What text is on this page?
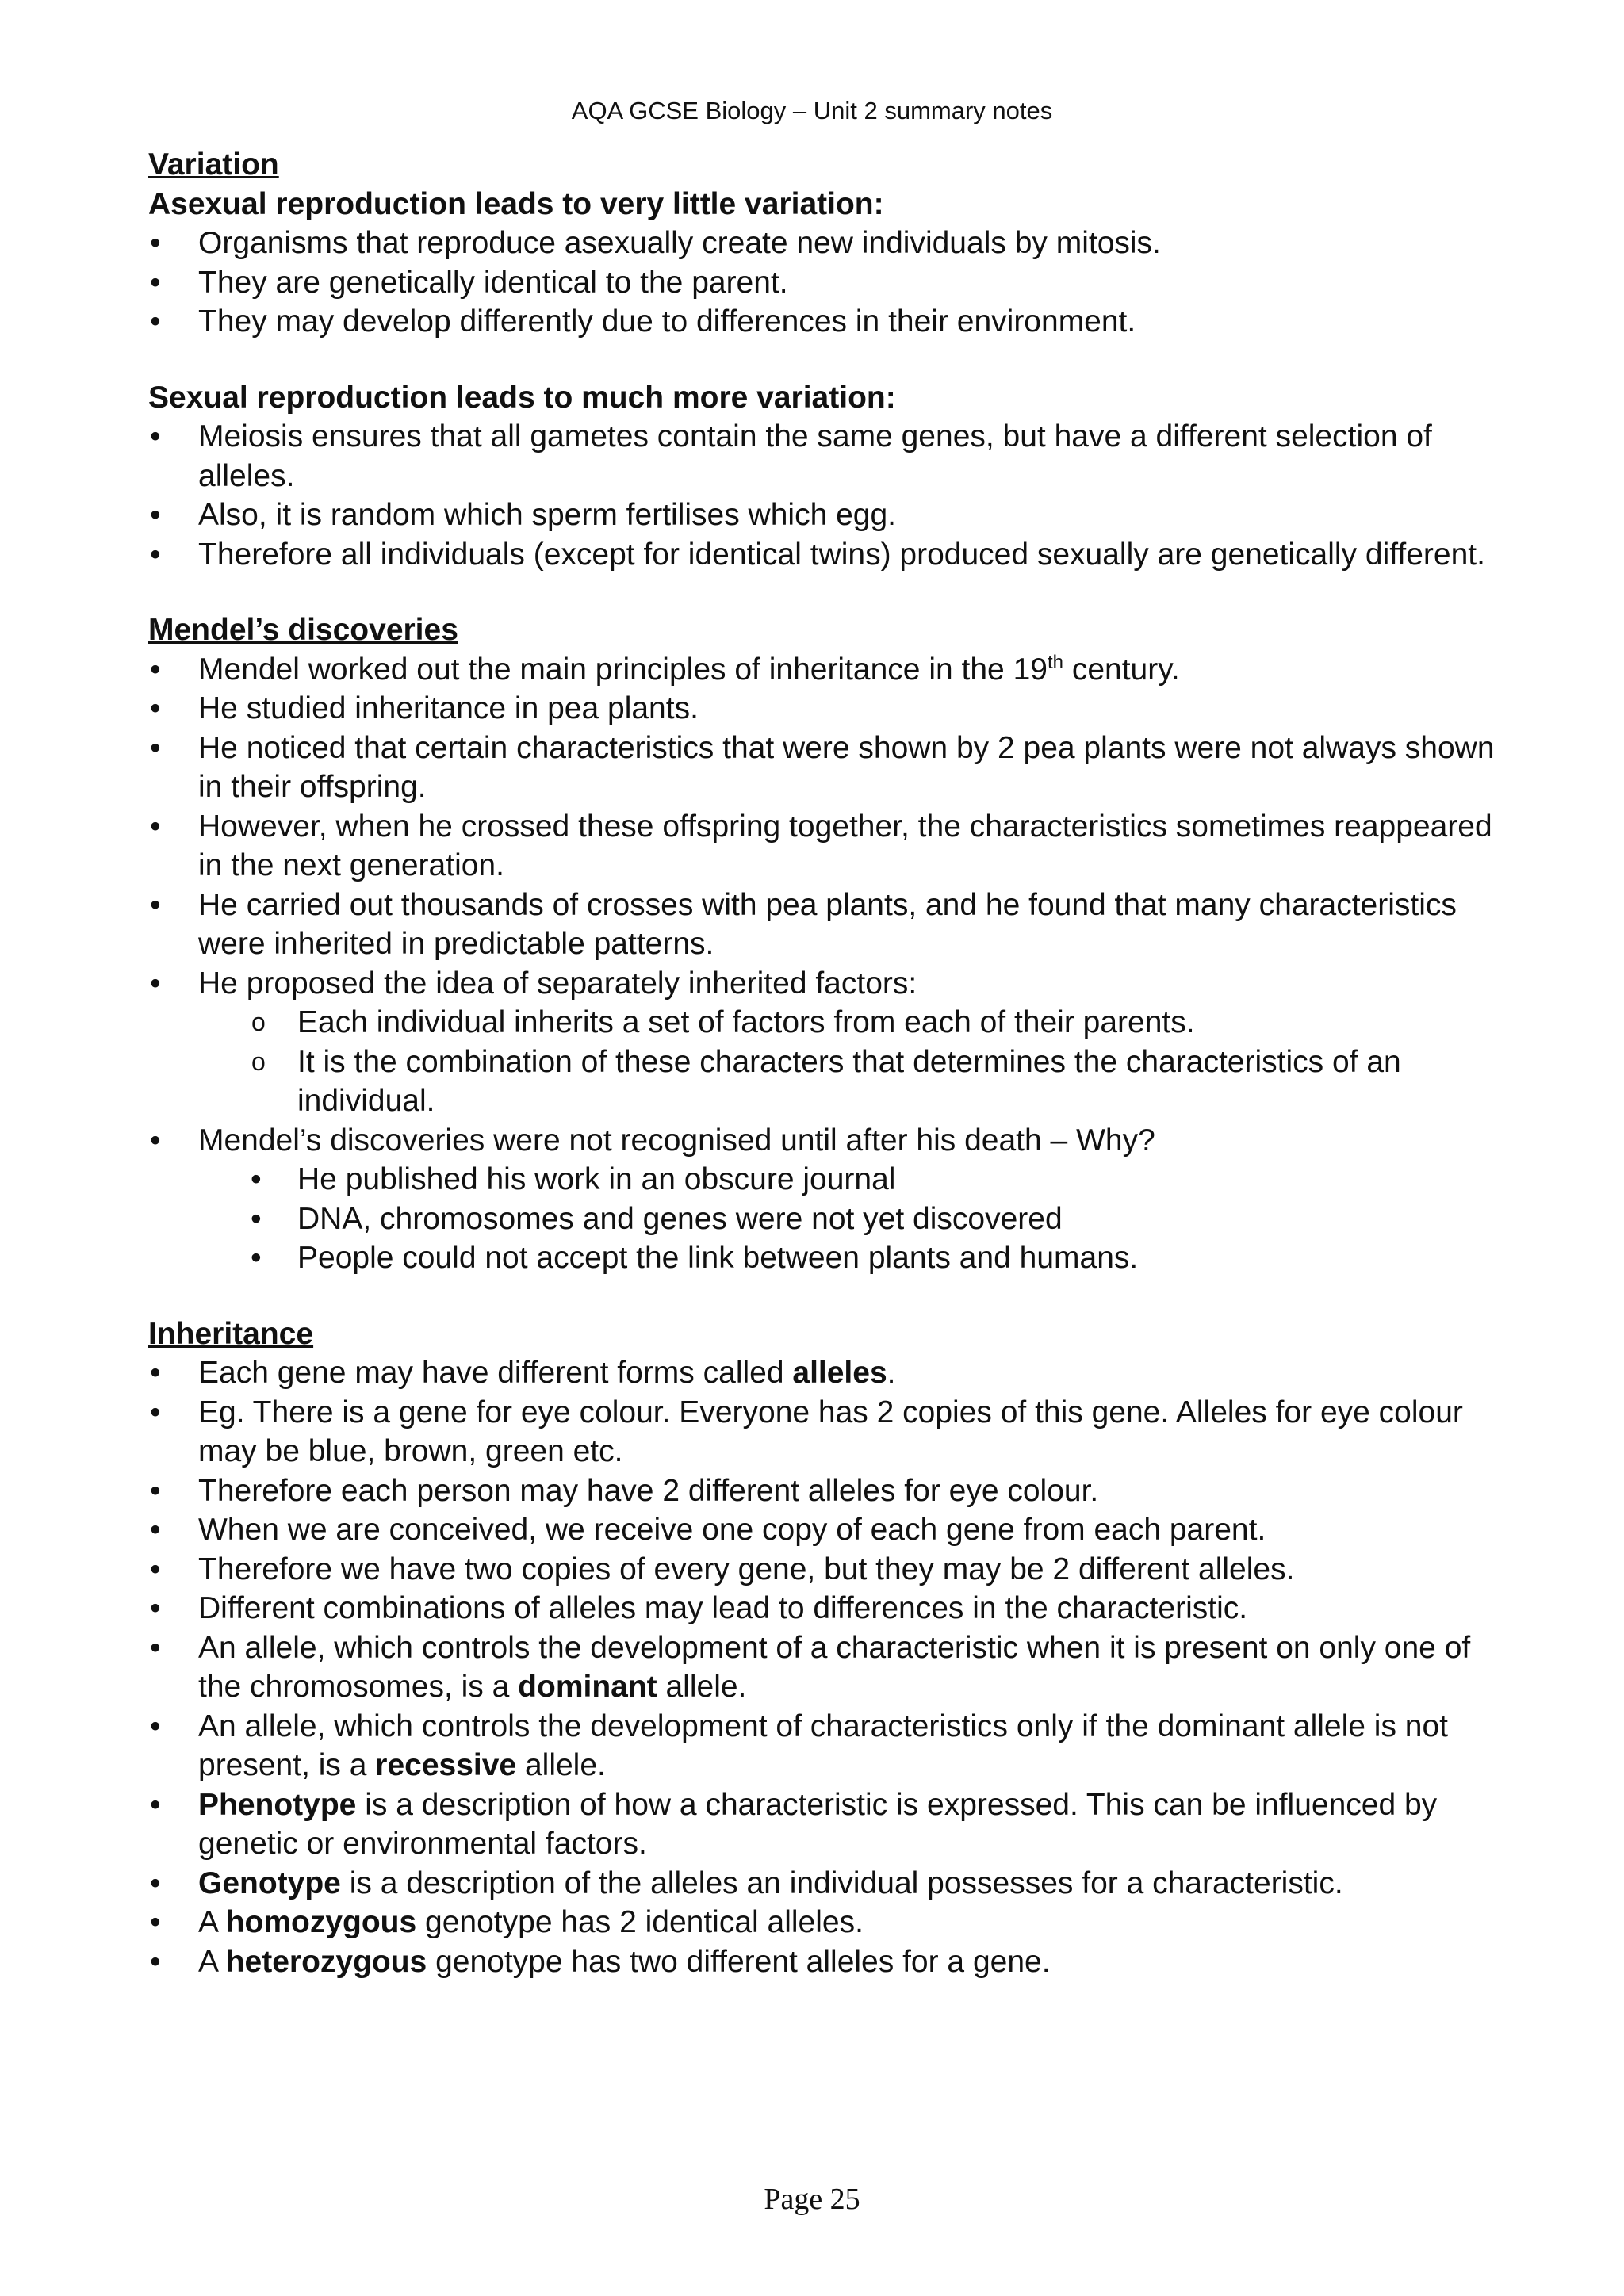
AQA GCSE Biology – Unit 2 summary notes

Variation

Asexual reproduction leads to very little variation:

• Organisms that reproduce asexually create new individuals by mitosis.
• They are genetically identical to the parent.
• They may develop differently due to differences in their environment.

Sexual reproduction leads to much more variation:

• Meiosis ensures that all gametes contain the same genes, but have a different selection of alleles.
• Also, it is random which sperm fertilises which egg.
• Therefore all individuals (except for identical twins) produced sexually are genetically different.

Mendel’s discoveries

• Mendel worked out the main principles of inheritance in the 19th century.
• He studied inheritance in pea plants.
• He noticed that certain characteristics that were shown by 2 pea plants were not always shown in their offspring.
• However, when he crossed these offspring together, the characteristics sometimes reappeared in the next generation.
• He carried out thousands of crosses with pea plants, and he found that many characteristics were inherited in predictable patterns.
• He proposed the idea of separately inherited factors:
o Each individual inherits a set of factors from each of their parents.
o It is the combination of these characters that determines the characteristics of an individual.
• Mendel’s discoveries were not recognised until after his death – Why?
• He published his work in an obscure journal
• DNA, chromosomes and genes were not yet discovered
• People could not accept the link between plants and humans.

Inheritance

• Each gene may have different forms called alleles.
• Eg. There is a gene for eye colour. Everyone has 2 copies of this gene. Alleles for eye colour may be blue, brown, green etc.
• Therefore each person may have 2 different alleles for eye colour.
• When we are conceived, we receive one copy of each gene from each parent.
• Therefore we have two copies of every gene, but they may be 2 different alleles.
• Different combinations of alleles may lead to differences in the characteristic.
• An allele, which controls the development of a characteristic when it is present on only one of the chromosomes, is a dominant allele.
• An allele, which controls the development of characteristics only if the dominant allele is not present, is a recessive allele.
• Phenotype is a description of how a characteristic is expressed. This can be influenced by genetic or environmental factors.
• Genotype is a description of the alleles an individual possesses for a characteristic.
• A homozygous genotype has 2 identical alleles.
• A heterozygous genotype has two different alleles for a gene.
Page 25
